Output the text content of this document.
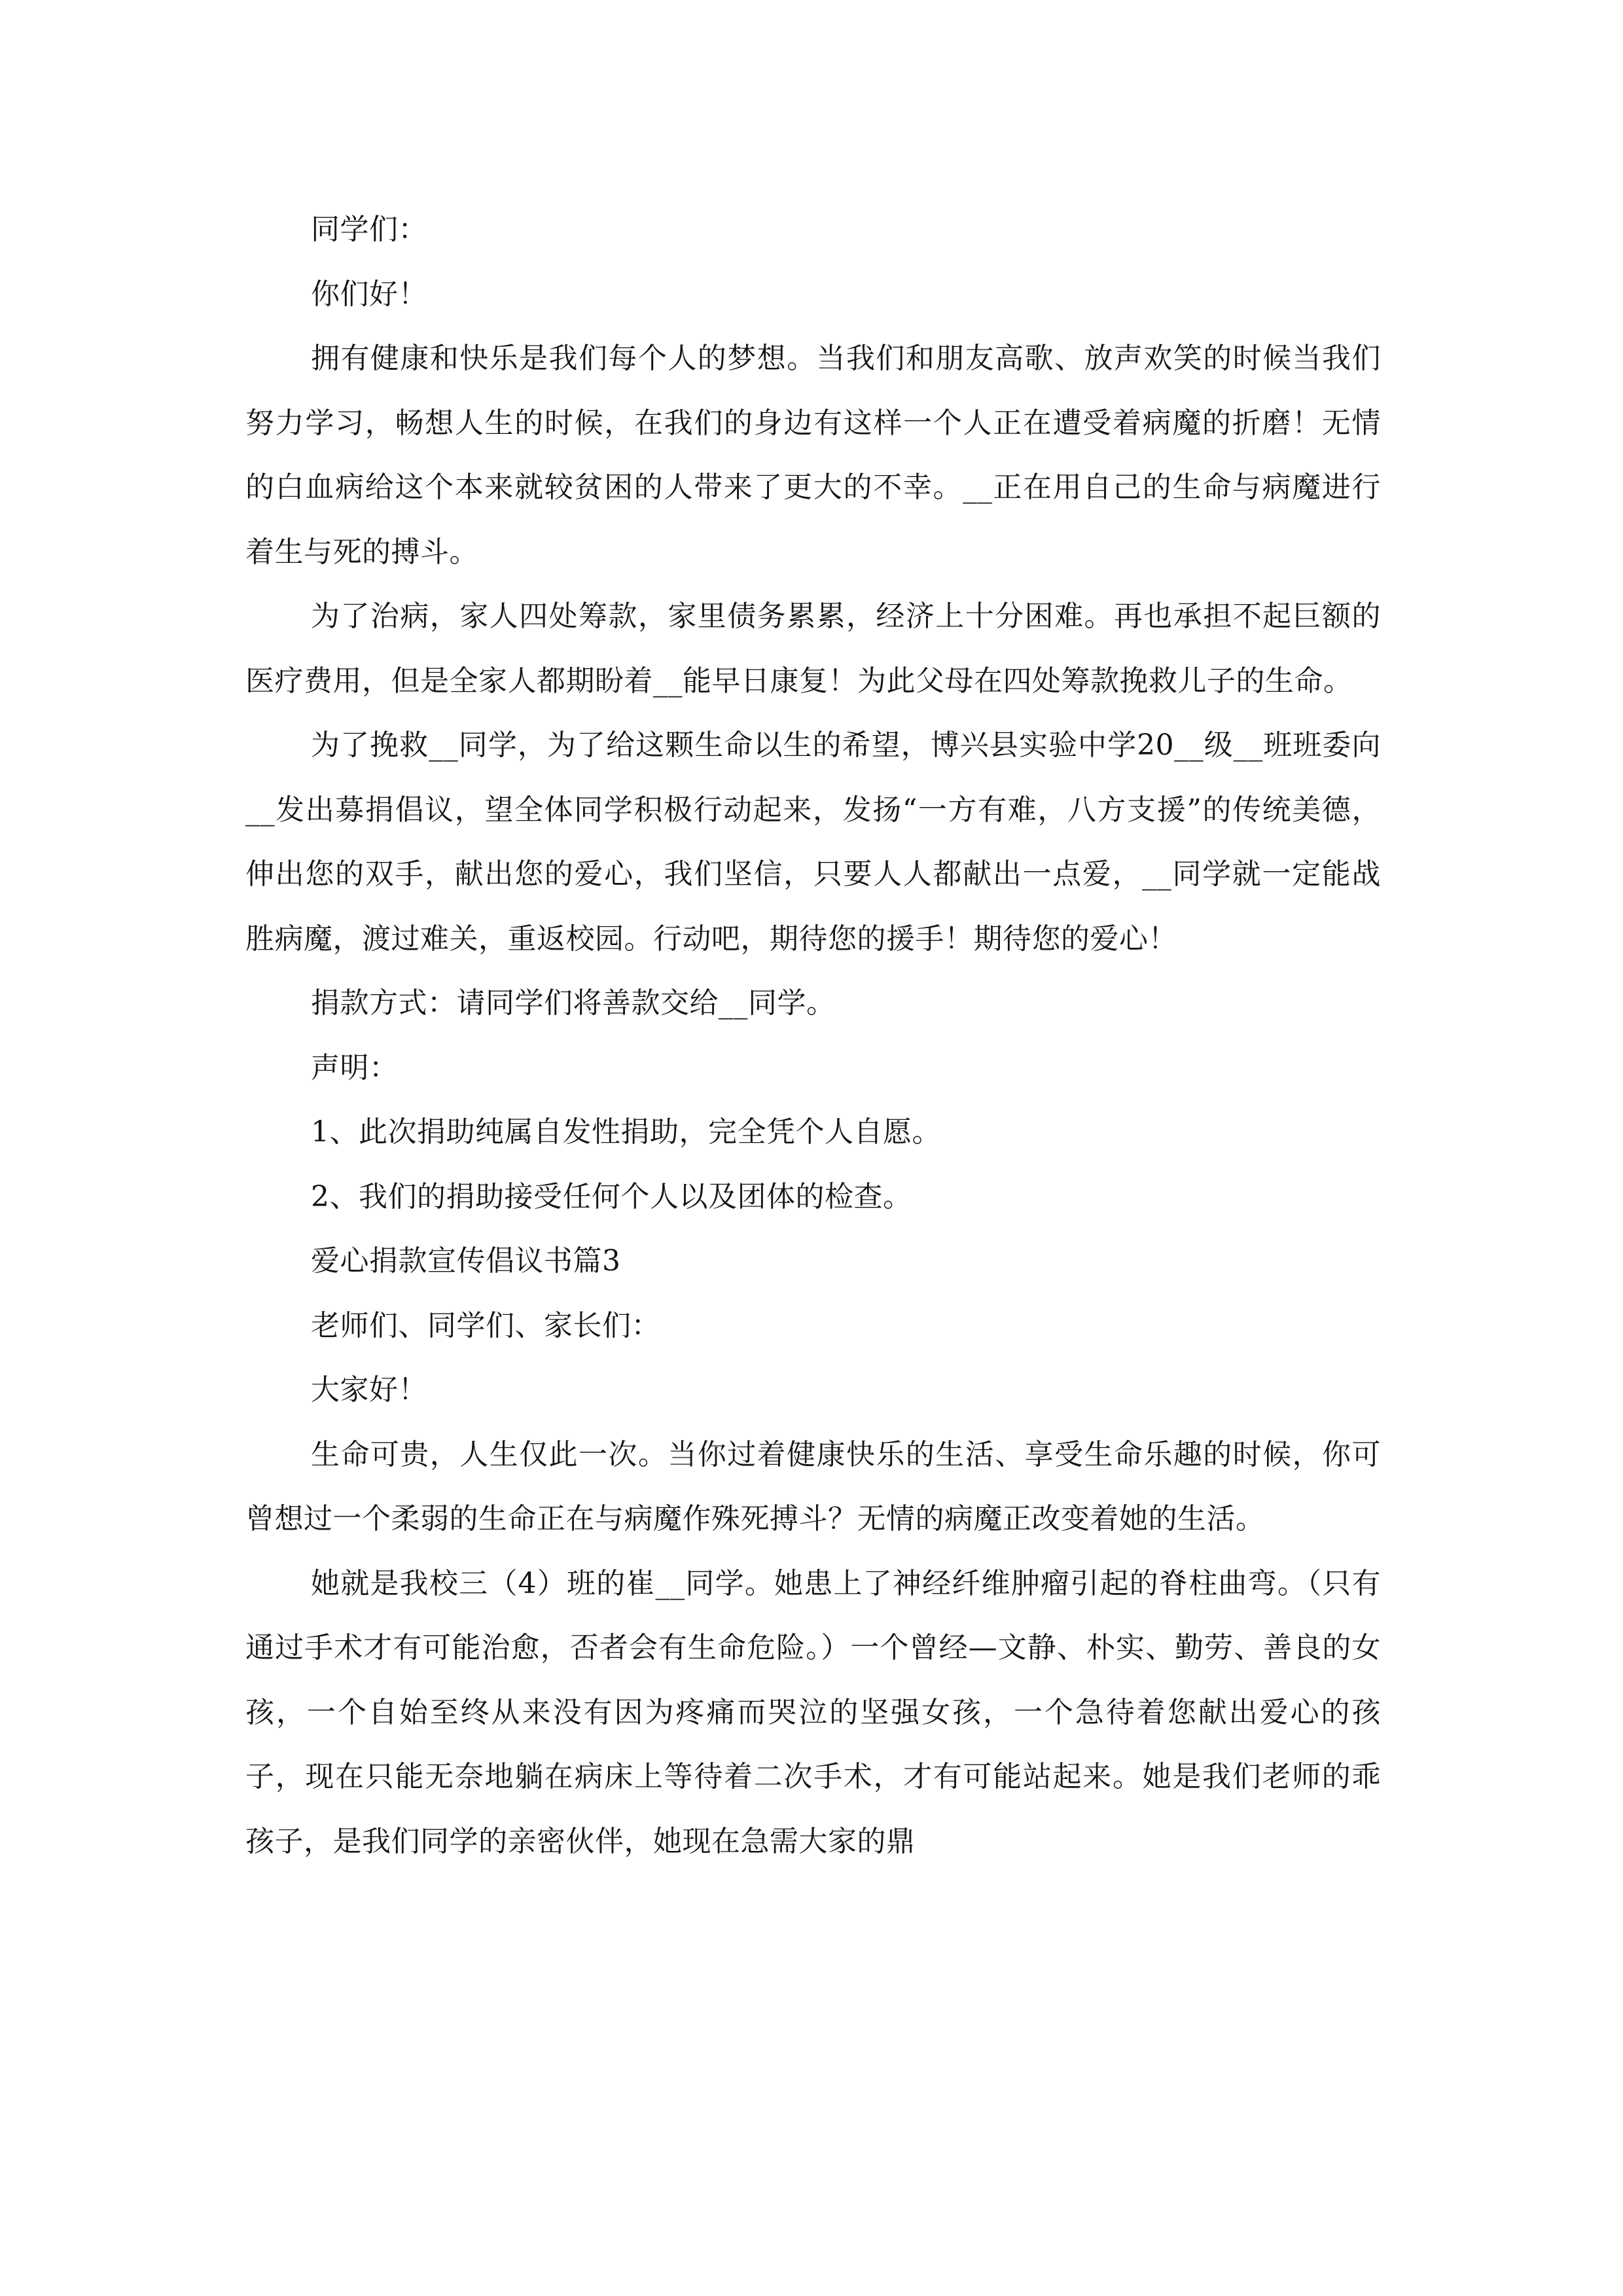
同学们：

你们好！

拥有健康和快乐是我们每个人的梦想。当我们和朋友高歌、放声欢笑的时候当我们努力学习，畅想人生的时候，在我们的身边有这样一个人正在遭受着病魔的折磨！无情的白血病给这个本来就较贫困的人带来了更大的不幸。__正在用自己的生命与病魔进行着生与死的搏斗。

为了治病，家人四处筹款，家里债务累累，经济上十分困难。再也承担不起巨额的医疗费用，但是全家人都期盼着__能早日康复！为此父母在四处筹款挽救儿子的生命。

为了挽救__同学，为了给这颗生命以生的希望，博兴县实验中学20__级__班班委向__发出募捐倡议，望全体同学积极行动起来，发扬“一方有难，八方支援”的传统美德，伸出您的双手，献出您的爱心，我们坚信，只要人人都献出一点爱，__同学就一定能战胜病魔，渡过难关，重返校园。行动吧，期待您的援手！期待您的爱心！

捐款方式：请同学们将善款交给__同学。

声明：

1、此次捐助纯属自发性捐助，完全凭个人自愿。

2、我们的捐助接受任何个人以及团体的检查。

爱心捐款宣传倡议书篇3

老师们、同学们、家长们：

大家好！

生命可贵，人生仅此一次。当你过着健康快乐的生活、享受生命乐趣的时候，你可曾想过一个柔弱的生命正在与病魔作殊死搏斗？无情的病魔正改变着她的生活。

她就是我校三（4）班的崔__同学。她患上了神经纤维肿瘤引起的脊柱曲弯。（只有通过手术才有可能治愈，否者会有生命危险。）一个曾经—文静、朴实、勤劳、善良的女孩，一个自始至终从来没有因为疼痛而哭泣的坚强女孩，一个急待着您献出爱心的孩子，现在只能无奈地躺在病床上等待着二次手术，才有可能站起来。她是我们老师的乖孩子，是我们同学的亲密伙伴，她现在急需大家的鼎
